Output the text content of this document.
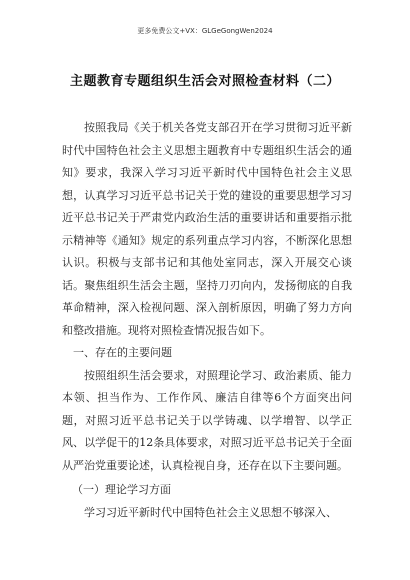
更多免费公文+VX：GLGeGongWen2024
主题教育专题组织生活会对照检查材料（二）

按照我局《关于机关各党支部召开在学习贯彻习近平新时代中国特色社会主义思想主题教育中专题组织生活会的通知》要求，我深入学习习近平新时代中国特色社会主义思想，认真学习习近平总书记关于党的建设的重要思想学习习近平总书记关于严肃党内政治生活的重要讲话和重要指示批示精神等《通知》规定的系列重点学习内容，不断深化思想认识。积极与支部书记和其他处室同志，深入开展交心谈话。聚焦组织生活会主题，坚持刀刃向内，发扬彻底的自我革命精神，深入检视问题、深入剖析原因，明确了努力方向和整改措施。现将对照检查情况报告如下。

一、存在的主要问题

按照组织生活会要求，对照理论学习、政治素质、能力本领、担当作为、工作作风、廉洁自律等6个方面突出问题，对照习近平总书记关于以学铸魂、以学增智、以学正风、以学促干的12条具体要求，对照习近平总书记关于全面从严治党重要论述，认真检视自身，还存在以下主要问题。

（一）理论学习方面

学习习近平新时代中国特色社会主义思想不够深入、
